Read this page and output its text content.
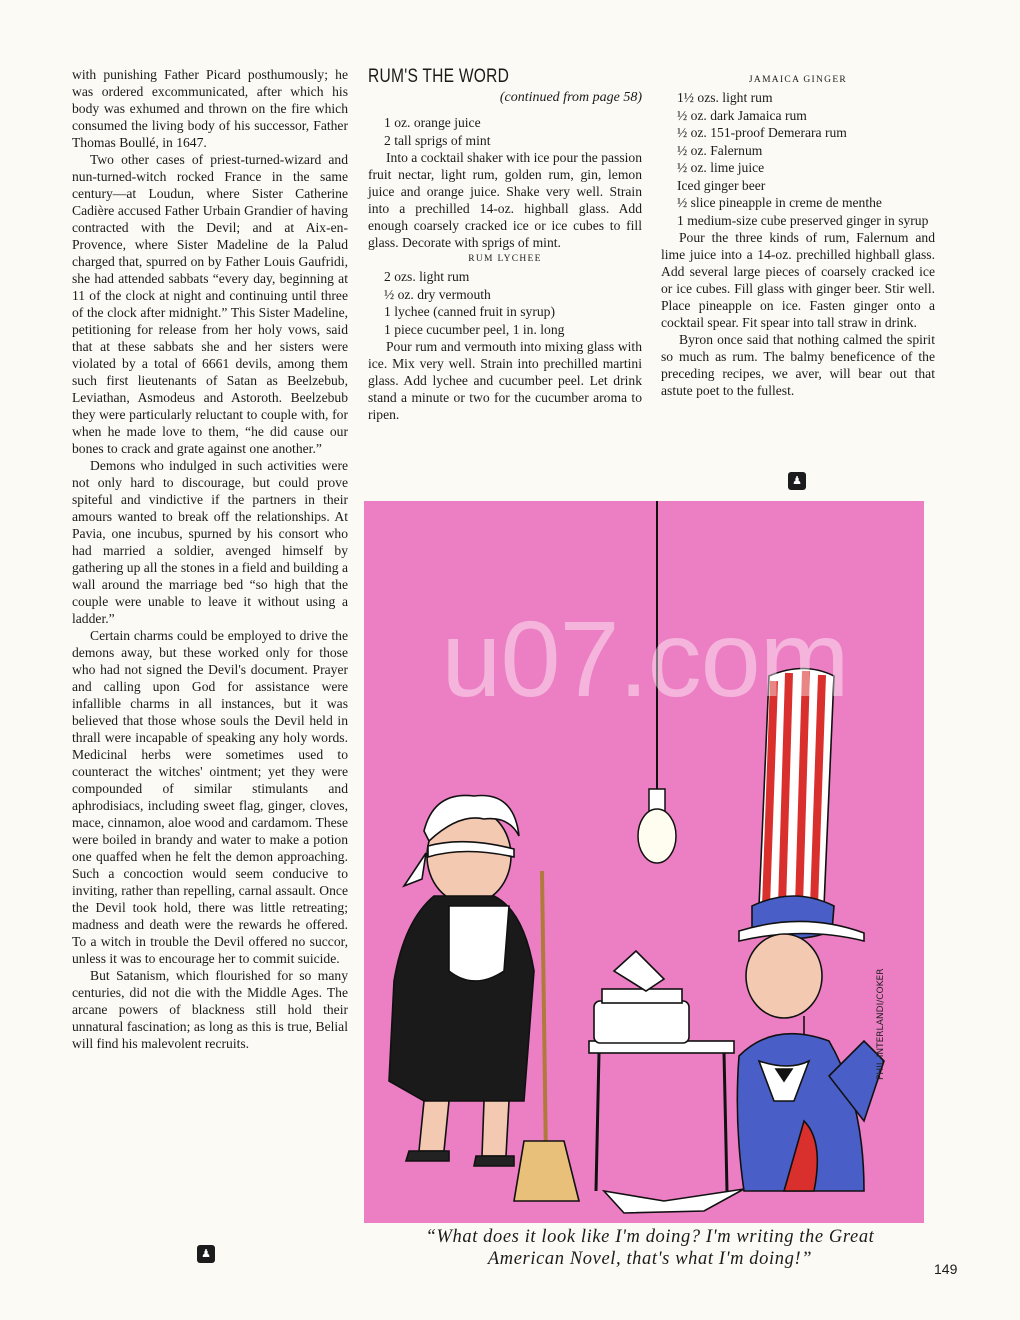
with punishing Father Picard posthumously; he was ordered excommunicated, after which his body was exhumed and thrown on the fire which consumed the living body of his successor, Father Thomas Boullé, in 1647.

Two other cases of priest-turned-wizard and nun-turned-witch rocked France in the same century—at Loudun, where Sister Catherine Cadière accused Father Urbain Grandier of having contracted with the Devil; and at Aix-en-Provence, where Sister Madeline de la Palud charged that, spurred on by Father Louis Gaufridi, she had attended sabbats “every day, beginning at 11 of the clock at night and continuing until three of the clock after midnight.” This Sister Madeline, petitioning for release from her holy vows, said that at these sabbats she and her sisters were violated by a total of 6661 devils, among them such first lieutenants of Satan as Beelzebub, Leviathan, Asmodeus and Astoroth. Beelzebub they were particularly reluctant to couple with, for when he made love to them, “he did cause our bones to crack and grate against one another.”

Demons who indulged in such activities were not only hard to discourage, but could prove spiteful and vindictive if the partners in their amours wanted to break off the relationships. At Pavia, one incubus, spurned by his consort who had married a soldier, avenged himself by gathering up all the stones in a field and building a wall around the marriage bed “so high that the couple were unable to leave it without using a ladder.”

Certain charms could be employed to drive the demons away, but these worked only for those who had not signed the Devil's document. Prayer and calling upon God for assistance were infallible charms in all instances, but it was believed that those whose souls the Devil held in thrall were incapable of speaking any holy words. Medicinal herbs were sometimes used to counteract the witches' ointment; yet they were compounded of similar stimulants and aphrodisiacs, including sweet flag, ginger, cloves, mace, cinnamon, aloe wood and cardamom. These were boiled in brandy and water to make a potion one quaffed when he felt the demon approaching. Such a concoction would seem conducive to inviting, rather than repelling, carnal assault. Once the Devil took hold, there was little retreating; madness and death were the rewards he offered. To a witch in trouble the Devil offered no succor, unless it was to encourage her to commit suicide.

But Satanism, which flourished for so many centuries, did not die with the Middle Ages. The arcane powers of blackness still hold their unnatural fascination; as long as this is true, Belial will find his malevolent recruits.

♟
RUM'S THE WORD
(continued from page 58)

1 oz. orange juice

2 tall sprigs of mint

Into a cocktail shaker with ice pour the passion fruit nectar, light rum, golden rum, gin, lemon juice and orange juice. Shake very well. Strain into a prechilled 14-oz. highball glass. Add enough coarsely cracked ice or ice cubes to fill glass. Decorate with sprigs of mint.

RUM LYCHEE

2 ozs. light rum

½ oz. dry vermouth

1 lychee (canned fruit in syrup)

1 piece cucumber peel, 1 in. long

Pour rum and vermouth into mixing glass with ice. Mix very well. Strain into prechilled martini glass. Add lychee and cucumber peel. Let drink stand a minute or two for the cucumber aroma to ripen.

JAMAICA GINGER

1½ ozs. light rum

½ oz. dark Jamaica rum

½ oz. 151-proof Demerara rum

½ oz. Falernum

½ oz. lime juice

Iced ginger beer

½ slice pineapple in creme de menthe

1 medium-size cube preserved ginger in syrup

Pour the three kinds of rum, Falernum and lime juice into a 14-oz. prechilled highball glass. Add several large pieces of coarsely cracked ice or ice cubes. Fill glass with ginger beer. Stir well. Place pineapple on ice. Fasten ginger onto a cocktail spear. Fit spear into tall straw in drink.

Byron once said that nothing calmed the spirit so much as rum. The balmy beneficence of the preceding recipes, we aver, will bear out that astute poet to the fullest.

♟
PHIL INTERLANDI/COKER
u07.com
“What does it look like I'm doing? I'm writing the Great American Novel, that's what I'm doing!”	149
